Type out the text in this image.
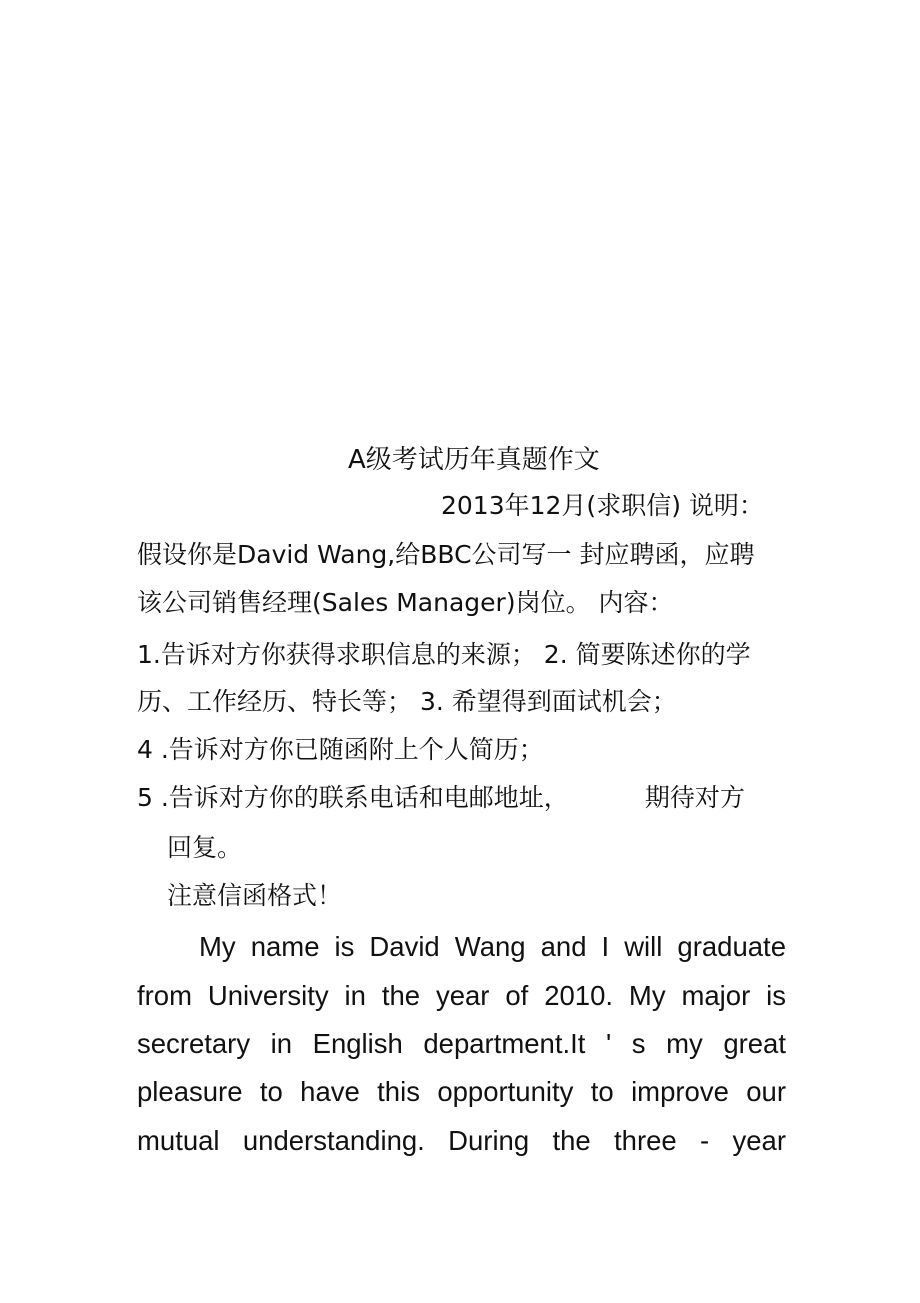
A级考试历年真题作文
2013年12月(求职信) 说明：
假设你是David Wang,给BBC公司写一 封应聘函，应聘
该公司销售经理(Sales Manager)岗位。 内容：
1.告诉对方你获得求职信息的来源； 2. 简要陈述你的学
历、工作经历、特长等； 3. 希望得到面试机会；
4 .告诉对方你已随函附上个人简历；
5 .告诉对方你的联系电话和电邮地址，	期待对方
回复。
注意信函格式！
My name is David Wang and I will graduate
from University in the year of 2010. My major is
secretary in English department.It ' s my great
pleasure to have this opportunity to improve our
mutual understanding. During the three - year
